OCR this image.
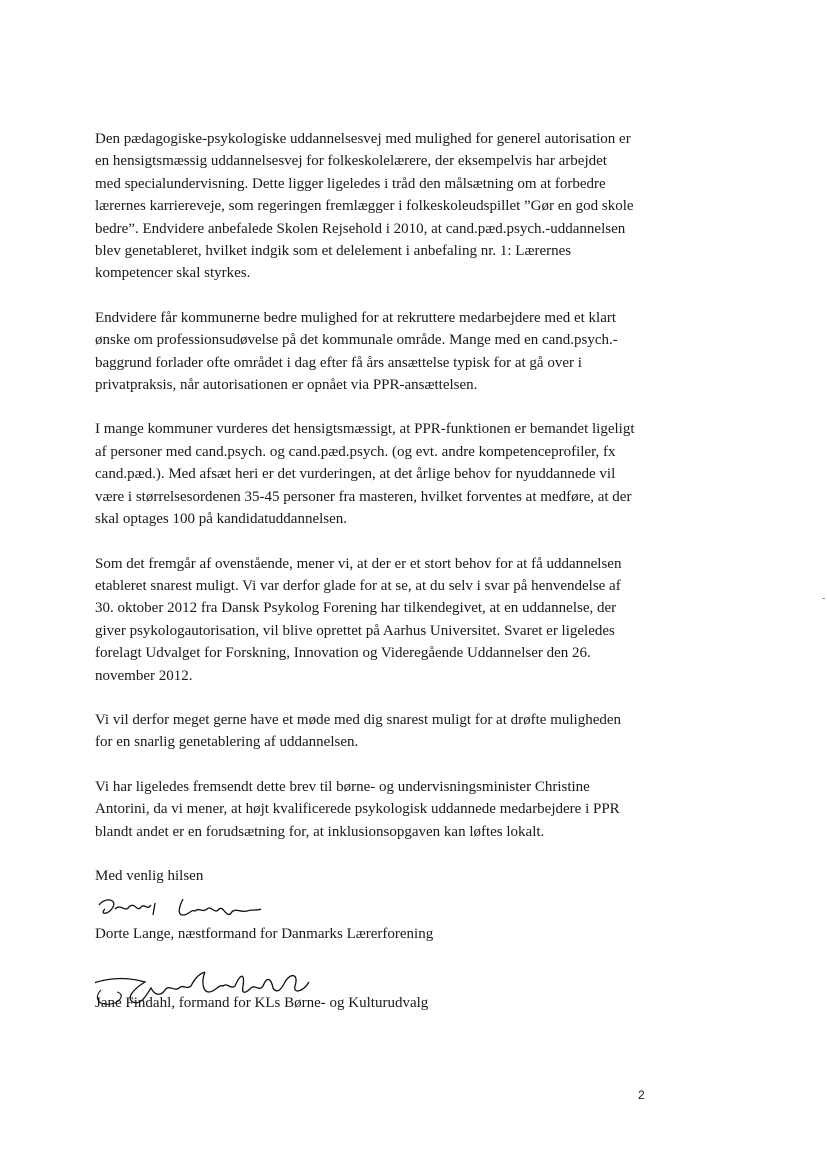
Den pædagogiske-psykologiske uddannelsesvej med mulighed for generel autorisation er en hensigtsmæssig uddannelsesvej for folkeskolelærere, der eksempelvis har arbejdet med specialundervisning. Dette ligger ligeledes i tråd den målsætning om at forbedre lærernes karriereveje, som regeringen fremlægger i folkeskoleudspillet ”Gør en god skole bedre”. Endvidere anbefalede Skolen Rejsehold i 2010, at cand.pæd.psych.-uddannelsen blev genetableret, hvilket indgik som et delelement i anbefaling nr. 1: Lærernes kompetencer skal styrkes.

Endvidere får kommunerne bedre mulighed for at rekruttere medarbejdere med et klart ønske om professionsudøvelse på det kommunale område. Mange med en cand.psych.-baggrund forlader ofte området i dag efter få års ansættelse typisk for at gå over i privatpraksis, når autorisationen er opnået via PPR-ansættelsen.

I mange kommuner vurderes det hensigtsmæssigt, at PPR-funktionen er bemandet ligeligt af personer med cand.psych. og cand.pæd.psych. (og evt. andre kompetenceprofiler, fx cand.pæd.). Med afsæt heri er det vurderingen, at det årlige behov for nyuddannede vil være i størrelsesordenen 35-45 personer fra masteren, hvilket forventes at medføre, at der skal optages 100 på kandidatuddannelsen.

Som det fremgår af ovenstående, mener vi, at der er et stort behov for at få uddannelsen etableret snarest muligt. Vi var derfor glade for at se, at du selv i svar på henvendelse af 30. oktober 2012 fra Dansk Psykolog Forening har tilkendegivet, at en uddannelse, der giver psykologautorisation, vil blive oprettet på Aarhus Universitet. Svaret er ligeledes forelagt Udvalget for Forskning, Innovation og Videregående Uddannelser den 26. november 2012.

Vi vil derfor meget gerne have et møde med dig snarest muligt for at drøfte muligheden for en snarlig genetablering af uddannelsen.

Vi har ligeledes fremsendt dette brev til børne- og undervisningsminister Christine Antorini, da vi mener, at højt kvalificerede psykologisk uddannede medarbejdere i PPR blandt andet er en forudsætning for, at inklusionsopgaven kan løftes lokalt.

Med venlig hilsen

Dorte Lange, næstformand for Danmarks Lærerforening

Jane Findahl, formand for KLs Børne- og Kulturudvalg

2
